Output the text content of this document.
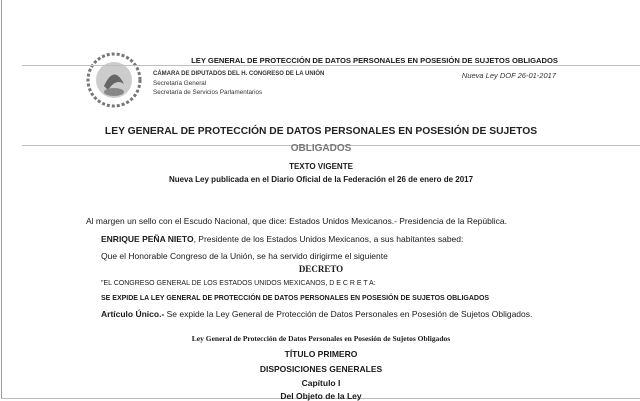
LEY GENERAL DE PROTECCIÓN DE DATOS PERSONALES EN POSESIÓN DE SUJETOS OBLIGADOS
CÁMARA DE DIPUTADOS DEL H. CONGRESO DE LA UNIÓN
Secretaría General
Secretaría de Servicios Parlamentarios
Nueva Ley DOF 26-01-2017
LEY GENERAL DE PROTECCIÓN DE DATOS PERSONALES EN POSESIÓN DE SUJETOS
OBLIGADOS
TEXTO VIGENTE
Nueva Ley publicada en el Diario Oficial de la Federación el 26 de enero de 2017
Al margen un sello con el Escudo Nacional, que dice: Estados Unidos Mexicanos.- Presidencia de la República.
ENRIQUE PEÑA NIETO, Presidente de los Estados Unidos Mexicanos, a sus habitantes sabed:
Que el Honorable Congreso de la Unión, se ha servido dirigirme el siguiente
DECRETO
"EL CONGRESO GENERAL DE LOS ESTADOS UNIDOS MEXICANOS, D E C R E T A:
SE EXPIDE LA LEY GENERAL DE PROTECCIÓN DE DATOS PERSONALES EN POSESIÓN DE SUJETOS OBLIGADOS
Artículo Único.- Se expide la Ley General de Protección de Datos Personales en Posesión de Sujetos Obligados.
Ley General de Protección de Datos Personales en Posesión de Sujetos Obligados
TÍTULO PRIMERO
DISPOSICIONES GENERALES
Capítulo I
Del Objeto de la Ley
